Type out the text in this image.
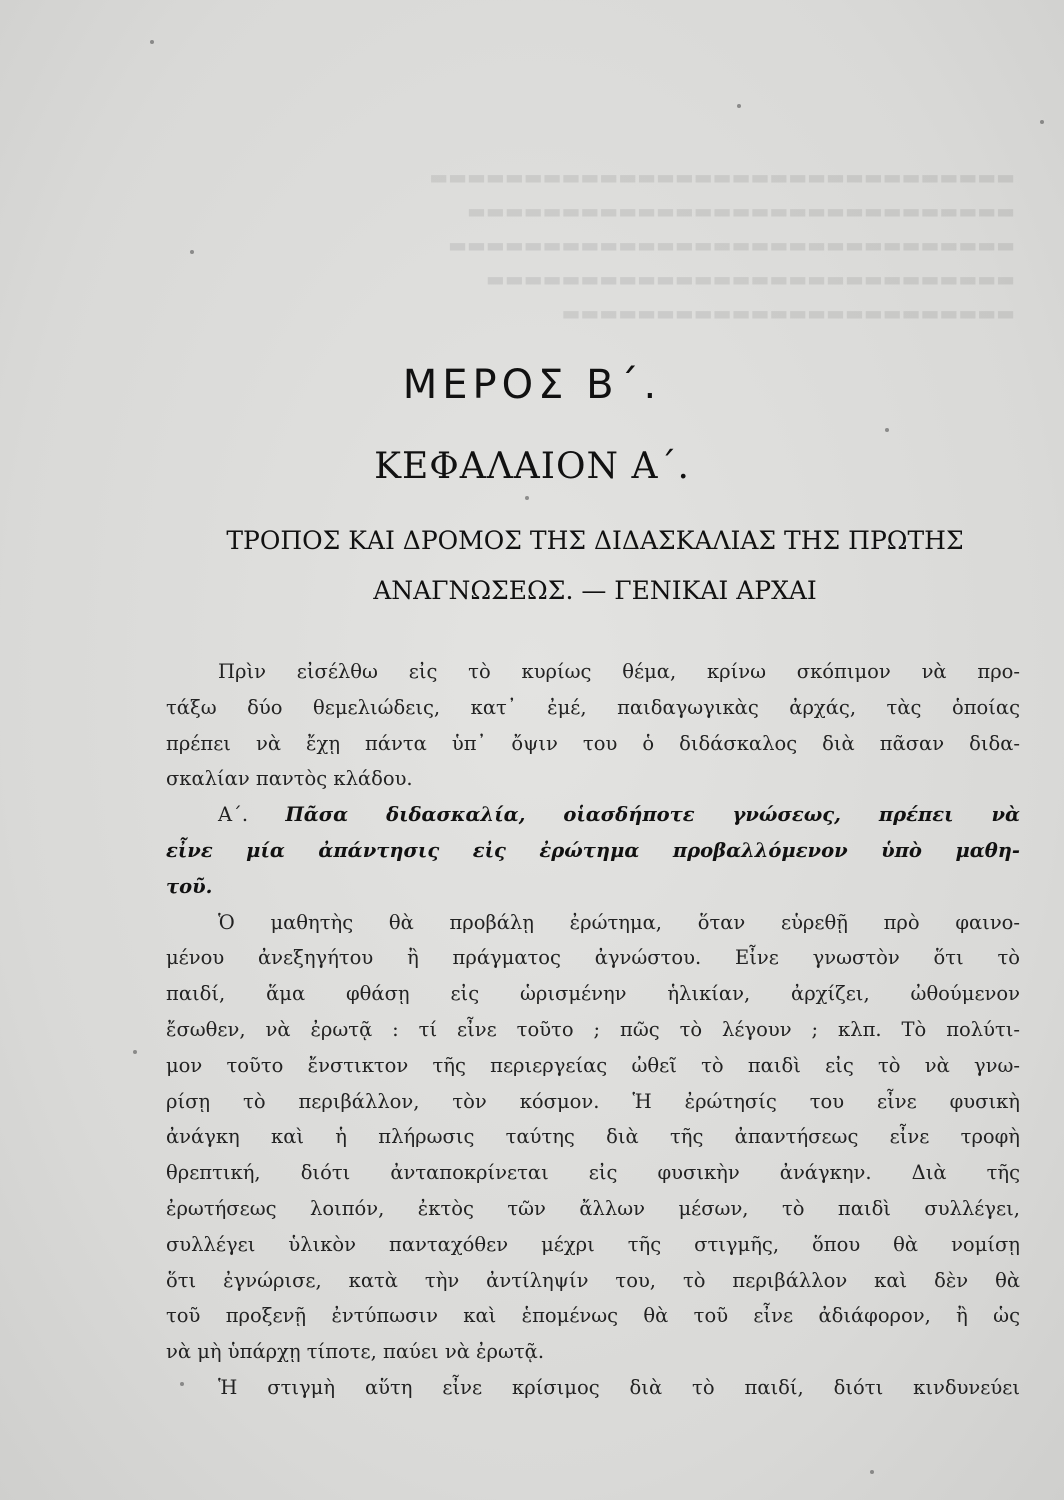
▬▬▬▬▬▬▬▬▬▬▬▬▬▬▬▬▬▬▬▬▬▬▬▬▬▬▬▬▬▬▬
▬▬▬▬▬▬▬▬▬▬▬▬▬▬▬▬▬▬▬▬▬▬▬▬▬▬▬▬▬
▬▬▬▬▬▬▬▬▬▬▬▬▬▬▬▬▬▬▬▬▬▬▬▬▬▬▬▬▬▬
▬▬▬▬▬▬▬▬▬▬▬▬▬▬▬▬▬▬▬▬▬▬▬▬▬▬▬▬
▬▬▬▬▬▬▬▬▬▬▬▬▬▬▬▬▬▬▬▬▬▬▬▬
ΜΕΡΟΣ Β΄.
ΚΕΦΑΛΑΙΟΝ Α΄.
ΤΡΟΠΟΣ ΚΑΙ ΔΡΟΜΟΣ ΤΗΣ ΔΙΔΑΣΚΑΛΙΑΣ ΤΗΣ ΠΡΩΤΗΣ
ΑΝΑΓΝΩΣΕΩΣ. — ΓΕΝΙΚΑΙ ΑΡΧΑΙ
Πρὶν εἰσέλθω εἰς τὸ κυρίως θέμα, κρίνω σκόπιμον νὰ προ-
τάξω δύο θεμελιώδεις, κατ᾽ ἐμέ, παιδαγωγικὰς ἀρχάς, τὰς ὁποίας
πρέπει νὰ ἔχῃ πάντα ὑπ᾽ ὄψιν του ὁ διδάσκαλος διὰ πᾶσαν διδα-
σκαλίαν παντὸς κλάδου.
Α΄. Πᾶσα διδασκαλία, οἱασδήποτε γνώσεως, πρέπει νὰ
εἶνε μία ἀπάντησις εἰς ἐρώτημα προβαλλόμενον ὑπὸ μαθη-
τοῦ.
Ὁ μαθητὴς θὰ προβάλῃ ἐρώτημα, ὅταν εὑρεθῇ πρὸ φαινο-
μένου ἀνεξηγήτου ἢ πράγματος ἀγνώστου. Εἶνε γνωστὸν ὅτι τὸ
παιδί, ἅμα φθάσῃ εἰς ὡρισμένην ἡλικίαν, ἀρχίζει, ὠθούμενον
ἔσωθεν, νὰ ἐρωτᾷ : τί εἶνε τοῦτο ; πῶς τὸ λέγουν ; κλπ. Τὸ πολύτι-
μον τοῦτο ἔνστικτον τῆς περιεργείας ὠθεῖ τὸ παιδὶ εἰς τὸ νὰ γνω-
ρίσῃ τὸ περιβάλλον, τὸν κόσμον. Ἡ ἐρώτησίς του εἶνε φυσικὴ
ἀνάγκη καὶ ἡ πλήρωσις ταύτης διὰ τῆς ἀπαντήσεως εἶνε τροφὴ
θρεπτική, διότι ἀνταποκρίνεται εἰς φυσικὴν ἀνάγκην. Διὰ τῆς
ἐρωτήσεως λοιπόν, ἐκτὸς τῶν ἄλλων μέσων, τὸ παιδὶ συλλέγει,
συλλέγει ὑλικὸν πανταχόθεν μέχρι τῆς στιγμῆς, ὅπου θὰ νομίσῃ
ὅτι ἐγνώρισε, κατὰ τὴν ἀντίληψίν του, τὸ περιβάλλον καὶ δὲν θὰ
τοῦ προξενῇ ἐντύπωσιν καὶ ἑπομένως θὰ τοῦ εἶνε ἀδιάφορον, ἢ ὡς
νὰ μὴ ὑπάρχῃ τίποτε, παύει νὰ ἐρωτᾷ.
Ἡ στιγμὴ αὕτη εἶνε κρίσιμος διὰ τὸ παιδί, διότι κινδυνεύει
